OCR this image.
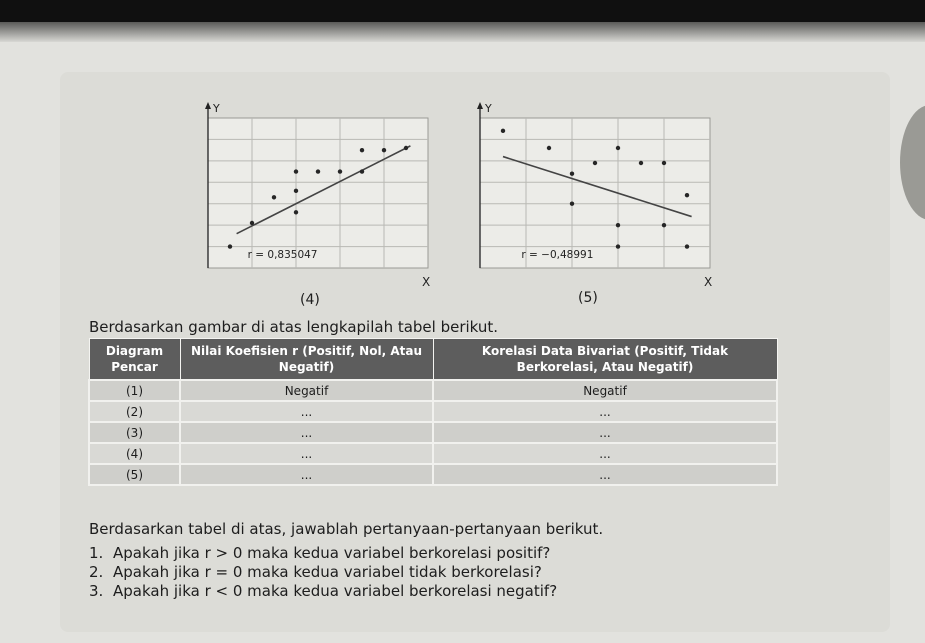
Y
X
r = 0,835047
(4)
Y
X
r = −0,48991
(5)
Berdasarkan gambar di atas lengkapilah tabel berikut.
Diagram Pencar	Nilai Koefisien r (Positif, Nol, Atau Negatif)	Korelasi Data Bivariat (Positif, Tidak Berkorelasi, Atau Negatif)
(1)	Negatif	Negatif
(2)	...	...
(3)	...	...
(4)	...	...
(5)	...	...
Berdasarkan tabel di atas, jawablah pertanyaan-pertanyaan berikut.
1. Apakah jika r > 0 maka kedua variabel berkorelasi positif?
2. Apakah jika r = 0 maka kedua variabel tidak berkorelasi?
3. Apakah jika r < 0 maka kedua variabel berkorelasi negatif?
